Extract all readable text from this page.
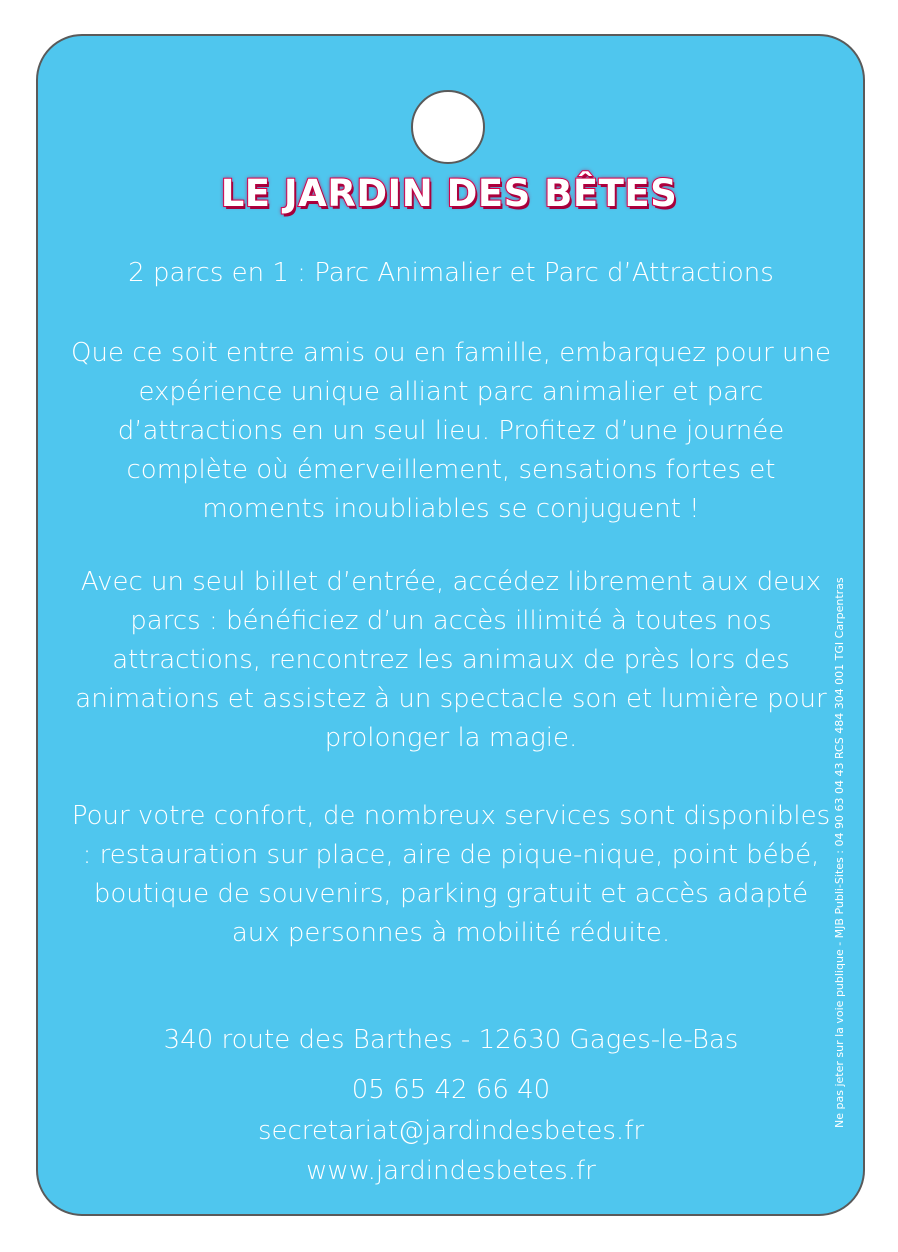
LE JARDIN DES BÊTES

2 parcs en 1 : Parc Animalier et Parc d’Attractions

Que ce soit entre amis ou en famille, embarquez pour une expérience unique alliant parc animalier et parc d’attractions en un seul lieu. Profitez d’une journée complète où émerveillement, sensations fortes et moments inoubliables se conjuguent !

Avec un seul billet d’entrée, accédez librement aux deux parcs : bénéficiez d’un accès illimité à toutes nos attractions, rencontrez les animaux de près lors des animations et assistez à un spectacle son et lumière pour prolonger la magie.

Pour votre confort, de nombreux services sont disponibles : restauration sur place, aire de pique-nique, point bébé, boutique de souvenirs, parking gratuit et accès adapté aux personnes à mobilité réduite.

340 route des Barthes - 12630 Gages-le-Bas

05 65 42 66 40

secretariat@jardindesbetes.fr

www.jardindesbetes.fr

Ne pas jeter sur la voie publique - MJB Publi-Sites : 04 90 63 04 43 RCS 484 304 001 TGI Carpentras
